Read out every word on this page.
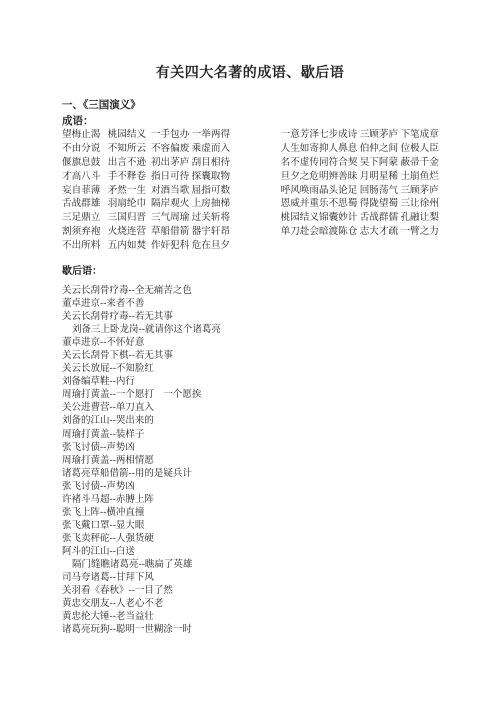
有关四大名著的成语、歇后语
一、《三国演义》
成语：
望梅止渴 桃园结义 一手包办 一举两得	一意芳泽 七步成诗 三顾茅庐 下笔成章
不由分说 不知所云 不容偏废 乘虚而入	人生如寄 抑人鼻息 伯仲之间 位极人臣
偃旗息鼓 出言不逊 初出茅庐 刮目相待	名不虚传 同符合契 吴下阿蒙 蔽帚千金
才高八斗 手不释卷 指日可待 探囊取物	旦夕之危 明辨善昧 月明星稀 土崩鱼烂
妄自菲薄 矛然一生 对酒当歌 屈指可数	呼风唤雨 晶头论足 回肠荡气 三顾茅庐
舌战群雄 羽扇纶巾 隔岸观火 上房抽梯	恩威并重 乐不思蜀 得陇望蜀 三让徐州
三足鼎立 三国归晋 三气周瑜 过关斩将	桃园结义 锦囊妙计 舌战群儒 孔融让梨
割须弃袍 火烧连营 草船借箭 器宇轩昂	单刀赴会 暗渡陈仓 志大才疏 一臂之力
不出所料 五内如焚 作奸犯科 危在旦夕
歇后语：
关云长刮骨疗毒--全无痛苦之色
董卓进京--来者不善
关云长刮骨疗毒--若无其事
刘备三上卧龙岗--就请你这个诸葛亮
董卓进京--不怀好意
关云长刮骨下棋--若无其事
关云长放屁--不知脸红
刘备编草鞋--内行
周瑜打黄盖--一个愿打　一个愿挨
关公进曹营--单刀直入
刘备的江山--哭出来的
周瑜打黄盖--装样子
张飞讨债--声势凶
周瑜打黄盖--两相情愿
诸葛亮草船借箭--用的是疑兵计
张飞讨债--声势凶
许褚斗马超--赤膊上阵
张飞上阵--横冲直撞
张飞戴口罩--显大眼
张飞卖秤砣--人强货硬
阿斗的江山--白送
隔门缝瞧诸葛亮--瞧扁了英雄
司马夸诸葛--甘拜下风
关羽看《春秋》--一目了然
黄忠交朋友--人老心不老
黄忠抡大锤--老当益壮
诸葛亮玩狗--聪明一世糊涂一时
